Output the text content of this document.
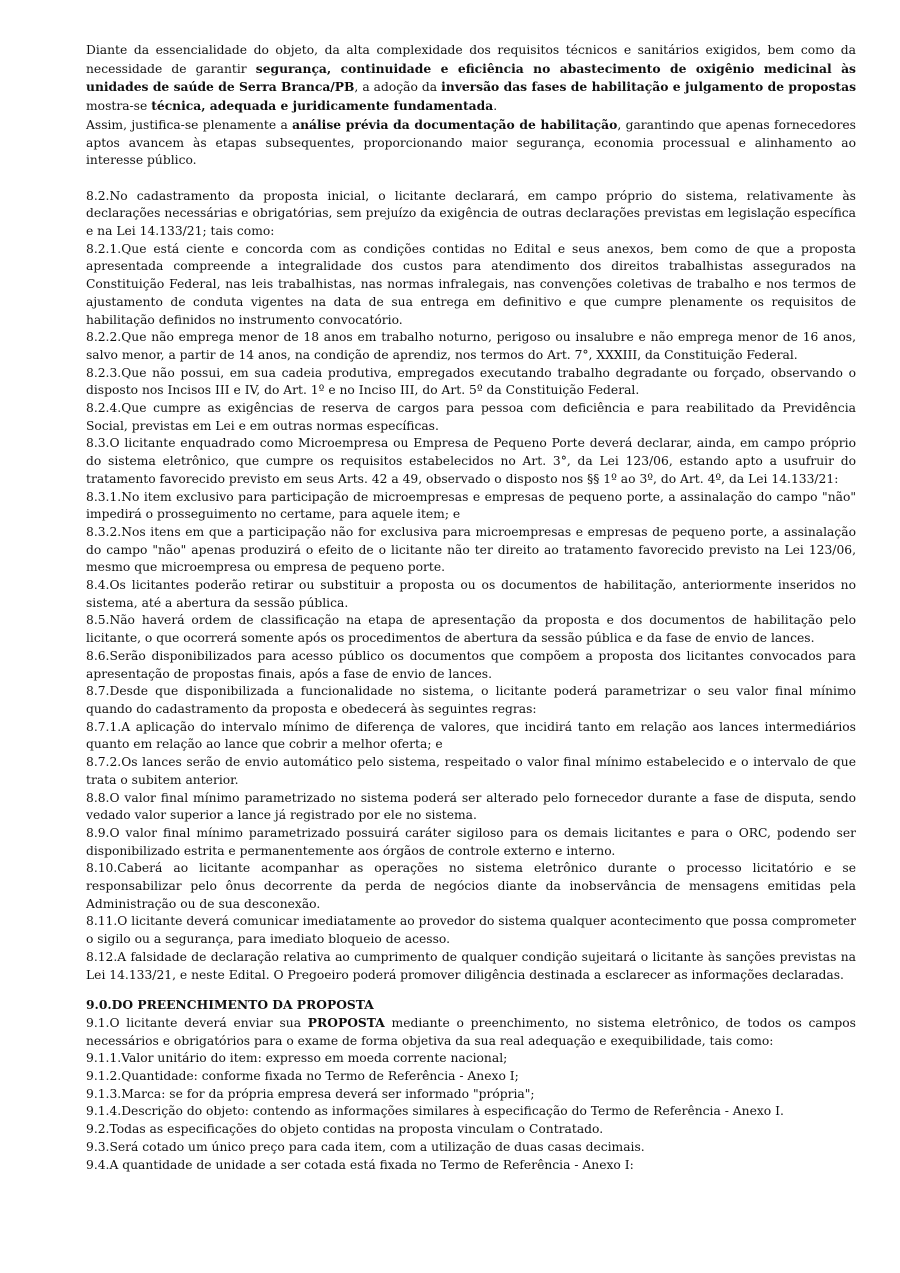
Diante da essencialidade do objeto, da alta complexidade dos requisitos técnicos e sanitários exigidos, bem como da necessidade de garantir segurança, continuidade e eficiência no abastecimento de oxigênio medicinal às unidades de saúde de Serra Branca/PB, a adoção da inversão das fases de habilitação e julgamento de propostas mostra-se técnica, adequada e juridicamente fundamentada.

Assim, justifica-se plenamente a análise prévia da documentação de habilitação, garantindo que apenas fornecedores aptos avancem às etapas subsequentes, proporcionando maior segurança, economia processual e alinhamento ao interesse público.

8.2.No cadastramento da proposta inicial, o licitante declarará, em campo próprio do sistema, relativamente às declarações necessárias e obrigatórias, sem prejuízo da exigência de outras declarações previstas em legislação específica e na Lei 14.133/21; tais como:

8.2.1.Que está ciente e concorda com as condições contidas no Edital e seus anexos, bem como de que a proposta apresentada compreende a integralidade dos custos para atendimento dos direitos trabalhistas assegurados na Constituição Federal, nas leis trabalhistas, nas normas infralegais, nas convenções coletivas de trabalho e nos termos de ajustamento de conduta vigentes na data de sua entrega em definitivo e que cumpre plenamente os requisitos de habilitação definidos no instrumento convocatório.

8.2.2.Que não emprega menor de 18 anos em trabalho noturno, perigoso ou insalubre e não emprega menor de 16 anos, salvo menor, a partir de 14 anos, na condição de aprendiz, nos termos do Art. 7°, XXXIII, da Constituição Federal.

8.2.3.Que não possui, em sua cadeia produtiva, empregados executando trabalho degradante ou forçado, observando o disposto nos Incisos III e IV, do Art. 1º e no Inciso III, do Art. 5º da Constituição Federal.

8.2.4.Que cumpre as exigências de reserva de cargos para pessoa com deficiência e para reabilitado da Previdência Social, previstas em Lei e em outras normas específicas.

8.3.O licitante enquadrado como Microempresa ou Empresa de Pequeno Porte deverá declarar, ainda, em campo próprio do sistema eletrônico, que cumpre os requisitos estabelecidos no Art. 3°, da Lei 123/06, estando apto a usufruir do tratamento favorecido previsto em seus Arts. 42 a 49, observado o disposto nos §§ 1º ao 3º, do Art. 4º, da Lei 14.133/21:

8.3.1.No item exclusivo para participação de microempresas e empresas de pequeno porte, a assinalação do campo "não" impedirá o prosseguimento no certame, para aquele item; e

8.3.2.Nos itens em que a participação não for exclusiva para microempresas e empresas de pequeno porte, a assinalação do campo "não" apenas produzirá o efeito de o licitante não ter direito ao tratamento favorecido previsto na Lei 123/06, mesmo que microempresa ou empresa de pequeno porte.

8.4.Os licitantes poderão retirar ou substituir a proposta ou os documentos de habilitação, anteriormente inseridos no sistema, até a abertura da sessão pública.

8.5.Não haverá ordem de classificação na etapa de apresentação da proposta e dos documentos de habilitação pelo licitante, o que ocorrerá somente após os procedimentos de abertura da sessão pública e da fase de envio de lances.

8.6.Serão disponibilizados para acesso público os documentos que compõem a proposta dos licitantes convocados para apresentação de propostas finais, após a fase de envio de lances.

8.7.Desde que disponibilizada a funcionalidade no sistema, o licitante poderá parametrizar o seu valor final mínimo quando do cadastramento da proposta e obedecerá às seguintes regras:

8.7.1.A aplicação do intervalo mínimo de diferença de valores, que incidirá tanto em relação aos lances intermediários quanto em relação ao lance que cobrir a melhor oferta; e

8.7.2.Os lances serão de envio automático pelo sistema, respeitado o valor final mínimo estabelecido e o intervalo de que trata o subitem anterior.

8.8.O valor final mínimo parametrizado no sistema poderá ser alterado pelo fornecedor durante a fase de disputa, sendo vedado valor superior a lance já registrado por ele no sistema.

8.9.O valor final mínimo parametrizado possuirá caráter sigiloso para os demais licitantes e para o ORC, podendo ser disponibilizado estrita e permanentemente aos órgãos de controle externo e interno.

8.10.Caberá ao licitante acompanhar as operações no sistema eletrônico durante o processo licitatório e se responsabilizar pelo ônus decorrente da perda de negócios diante da inobservância de mensagens emitidas pela Administração ou de sua desconexão.

8.11.O licitante deverá comunicar imediatamente ao provedor do sistema qualquer acontecimento que possa comprometer o sigilo ou a segurança, para imediato bloqueio de acesso.

8.12.A falsidade de declaração relativa ao cumprimento de qualquer condição sujeitará o licitante às sanções previstas na Lei 14.133/21, e neste Edital. O Pregoeiro poderá promover diligência destinada a esclarecer as informações declaradas.

9.0.DO PREENCHIMENTO DA PROPOSTA

9.1.O licitante deverá enviar sua PROPOSTA mediante o preenchimento, no sistema eletrônico, de todos os campos necessários e obrigatórios para o exame de forma objetiva da sua real adequação e exequibilidade, tais como:

9.1.1.Valor unitário do item: expresso em moeda corrente nacional;

9.1.2.Quantidade: conforme fixada no Termo de Referência - Anexo I;

9.1.3.Marca: se for da própria empresa deverá ser informado "própria";

9.1.4.Descrição do objeto: contendo as informações similares à especificação do Termo de Referência - Anexo I.

9.2.Todas as especificações do objeto contidas na proposta vinculam o Contratado.

9.3.Será cotado um único preço para cada item, com a utilização de duas casas decimais.

9.4.A quantidade de unidade a ser cotada está fixada no Termo de Referência - Anexo I:
